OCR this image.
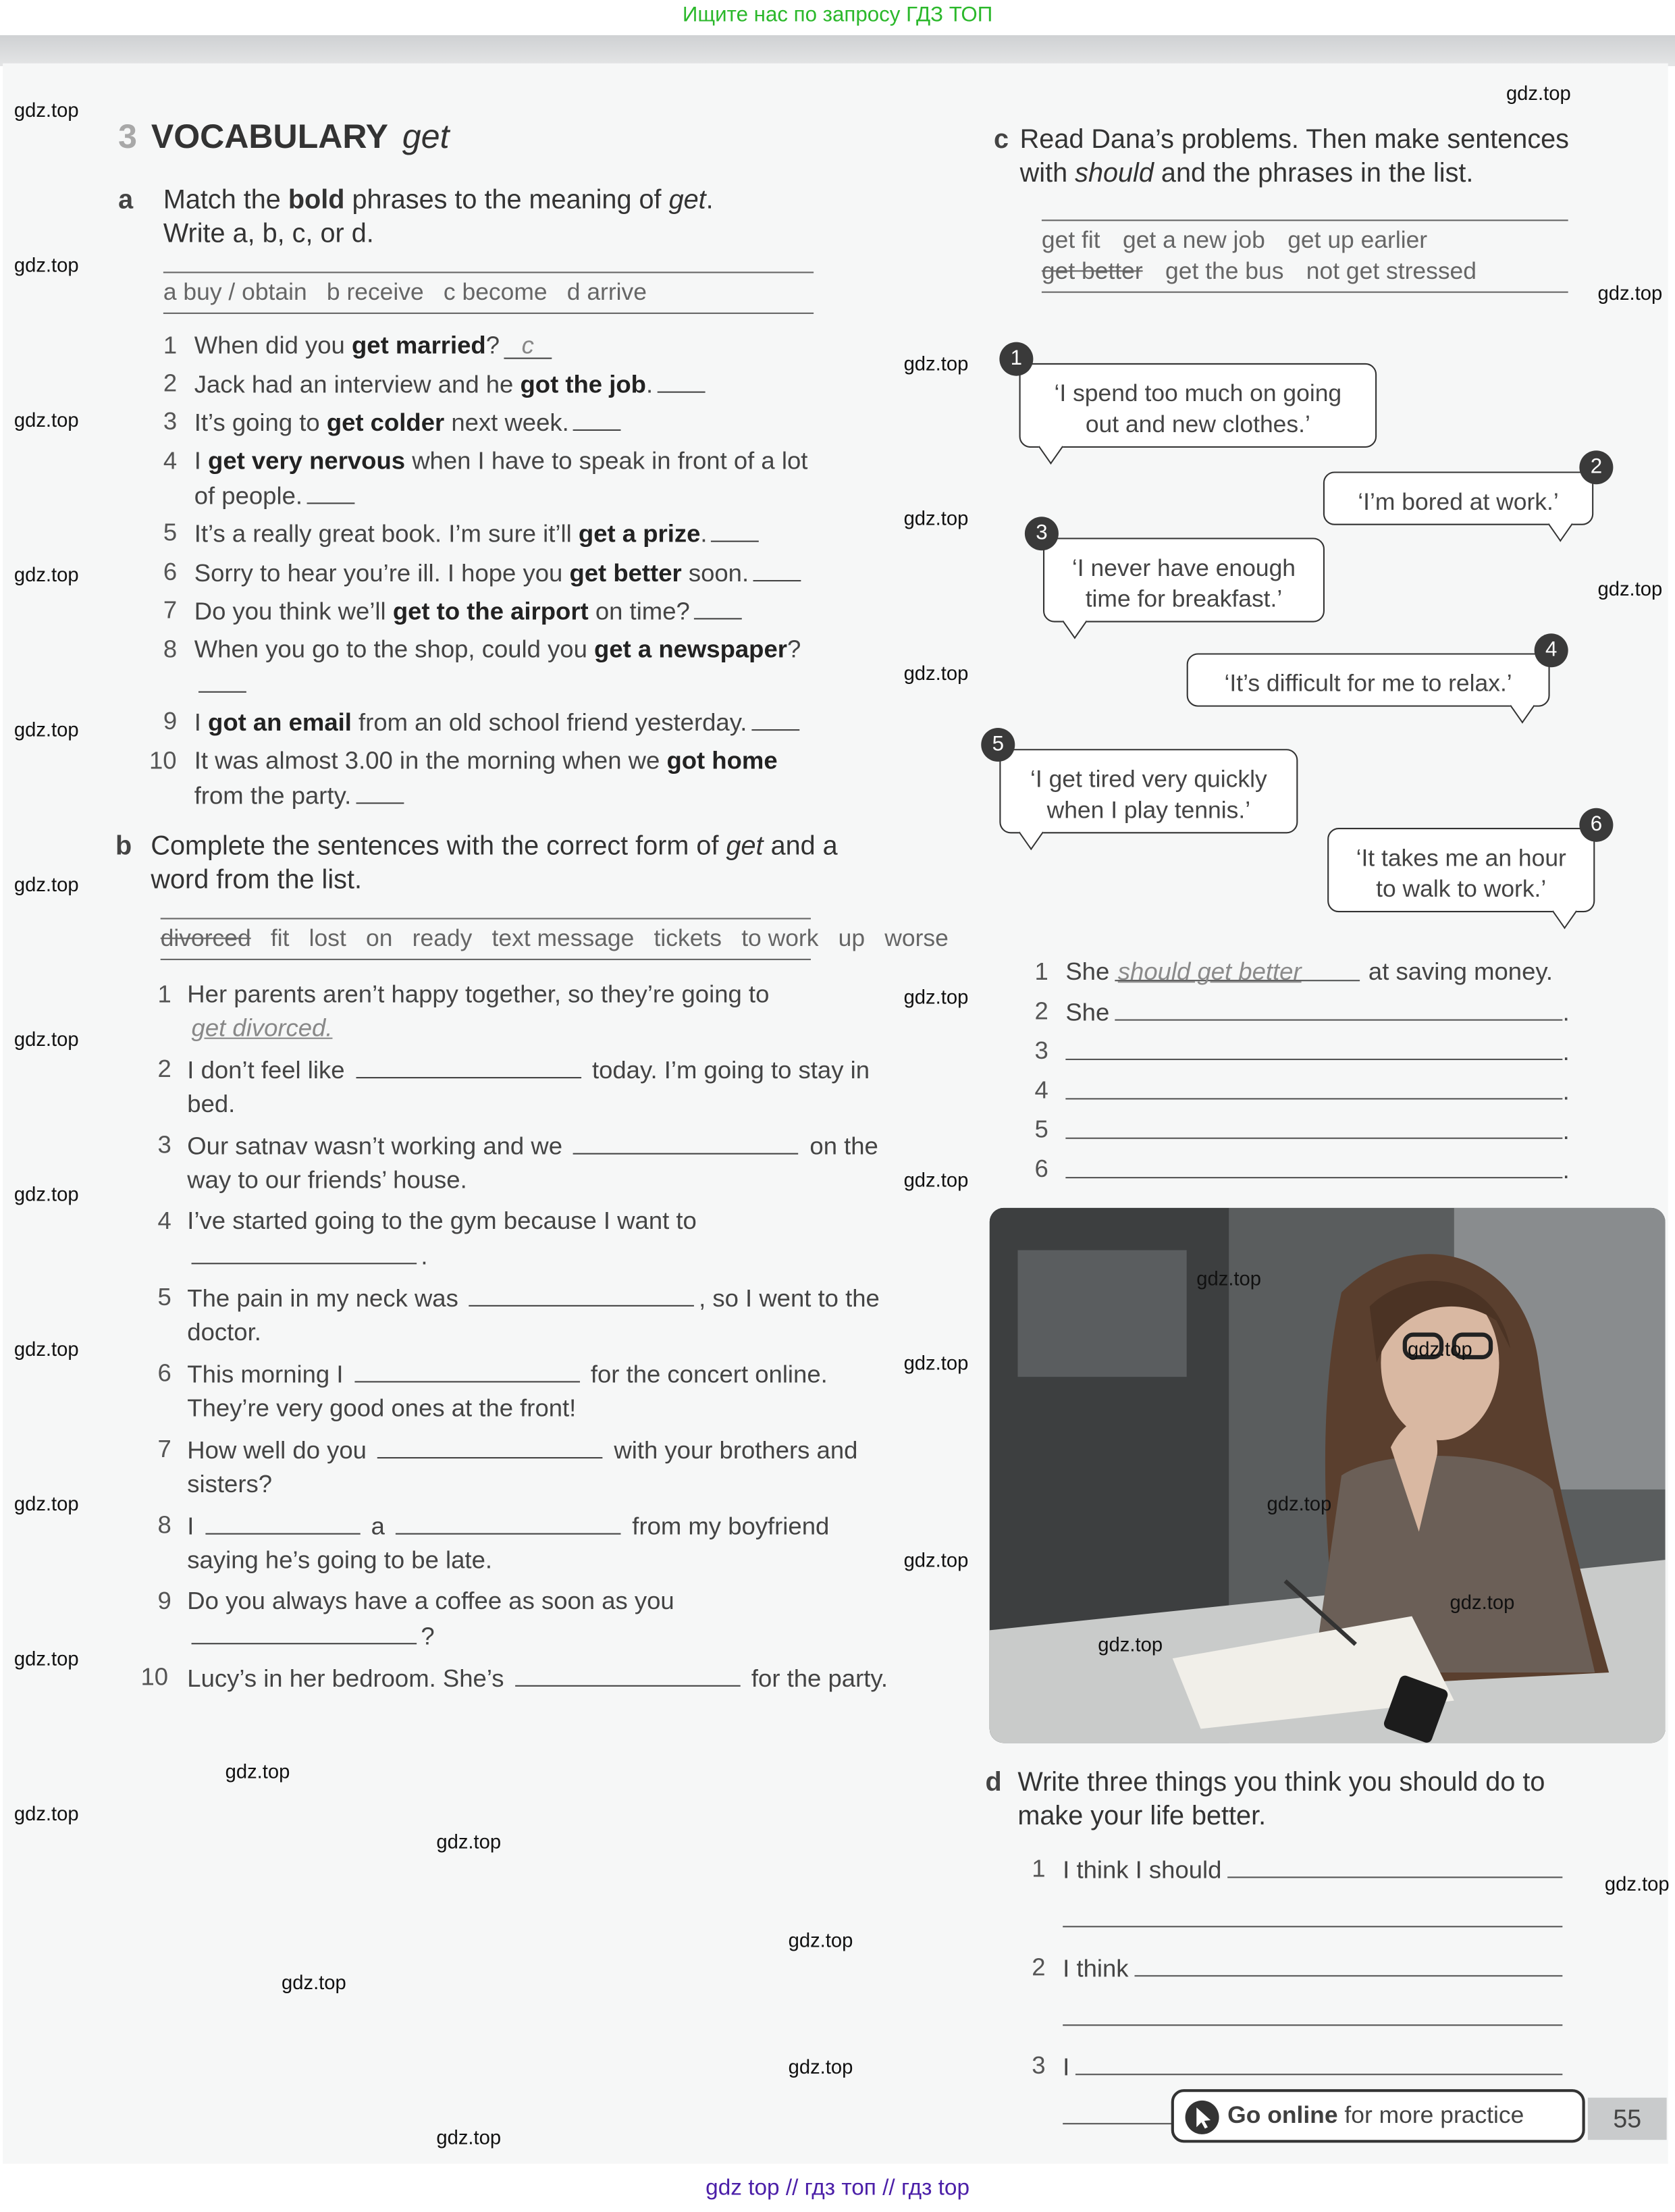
Ищите нас по запросу ГДЗ ТОП
3 VOCABULARY get
a	Match the bold phrases to the meaning of get.
Write a, b, c, or d.
a buy / obtain b receive c become d arrive
1 When did you get married? c
2 Jack had an interview and he got the job.
3 It’s going to get colder next week.
4 I get very nervous when I have to speak in front of a lot of people.
5 It’s a really great book. I’m sure it’ll get a prize.
6 Sorry to hear you’re ill. I hope you get better soon.
7 Do you think we’ll get to the airport on time?
8 When you go to the shop, could you get a newspaper?
9 I got an email from an old school friend yesterday.
10 It was almost 3.00 in the morning when we got home from the party.
b	Complete the sentences with the correct form of get and a word from the list.
divorced fit lost on ready text message tickets to work up worse
1 Her parents aren’t happy together, so they’re going to get divorced.
2 I don’t feel like	today. I’m going to stay in bed.
3 Our satnav wasn’t working and we	on the way to our friends’ house.
4 I’ve started going to the gym because I want to .
5 The pain in my neck was	, so I went to the doctor.
6 This morning I	for the concert online. They’re very good ones at the front!
7 How well do you	with your brothers and sisters?
8 I	a	from my boyfriend saying he’s going to be late.
9 Do you always have a coffee as soon as you ?
10 Lucy’s in her bedroom. She’s	for the party.
c Read Dana’s problems. Then make sentences with should and the phrases in the list.
get fit get a new job get up earlier
get better get the bus not get stressed
‘I spend too much on going out and new clothes.’
1
‘I’m bored at work.’
2
‘I never have enough time for breakfast.’
3
‘It’s difficult for me to relax.’
4
‘I get tired very quickly when I play tennis.’
5
‘It takes me an hour to walk to work.’
6
1 She should get better	at saving money.
2 She	.
3	.
4	.
5	.
6	.
d	Write three things you think you should do to make your life better.
1 I think I should
2 I think
3 I
Go online for more practice	55
gdz.top
gdz.top
gdz.top
gdz.top
gdz.top
gdz.top
gdz.top
gdz.top
gdz.top
gdz.top
gdz.top
gdz.top
gdz.top
gdz.top
gdz.top
gdz.top
gdz.top
gdz.top
gdz.top
gdz.top
gdz.top
gdz.top
gdz.top
gdz.top
gdz.top
gdz.top
gdz.top
gdz.top
gdz.top
gdz.top
gdz.top
gdz.top
gdz.top
gdz.top
gdz top // гдз топ // гдз top
